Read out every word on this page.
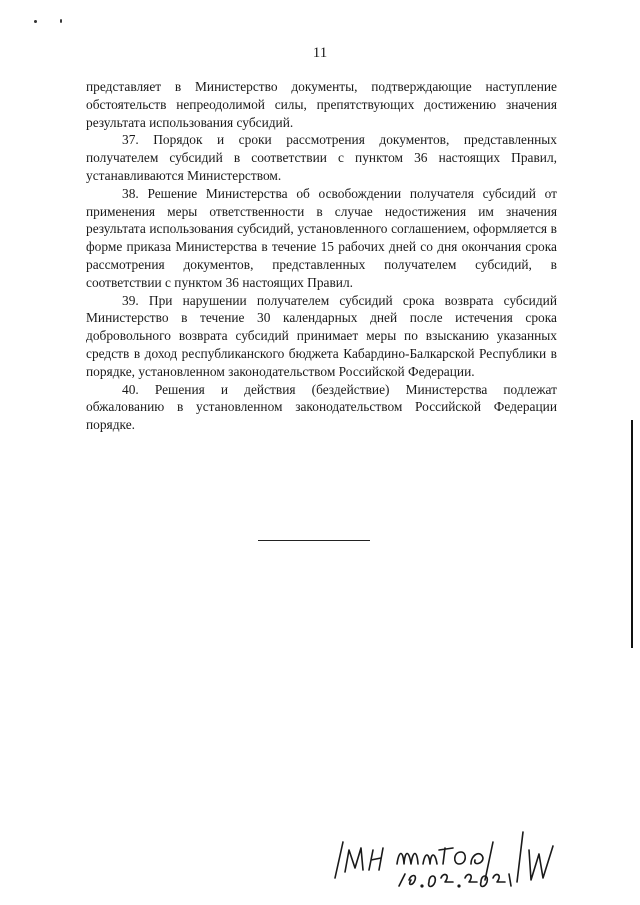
11

представляет в Министерство документы, подтверждающие наступление обстоятельств непреодолимой силы, препятствующих достижению значения результата использования субсидий.

37. Порядок и сроки рассмотрения документов, представленных получателем субсидий в соответствии с пунктом 36 настоящих Правил, устанавливаются Министерством.

38. Решение Министерства об освобождении получателя субсидий от применения меры ответственности в случае недостижения им значения результата использования субсидий, установленного соглашением, оформляется в форме приказа Министерства в течение 15 рабочих дней со дня окончания срока рассмотрения документов, представленных получателем субсидий, в соответствии с пунктом 36 настоящих Правил.

39. При нарушении получателем субсидий срока возврата субсидий Министерство в течение 30 календарных дней после истечения срока добровольного возврата субсидий принимает меры по взысканию указанных средств в доход республиканского бюджета Кабардино-Балкарской Республики в порядке, установленном законодательством Российской Федерации.

40. Решения и действия (бездействие) Министерства подлежат обжалованию в установленном законодательством Российской Федерации порядке.
